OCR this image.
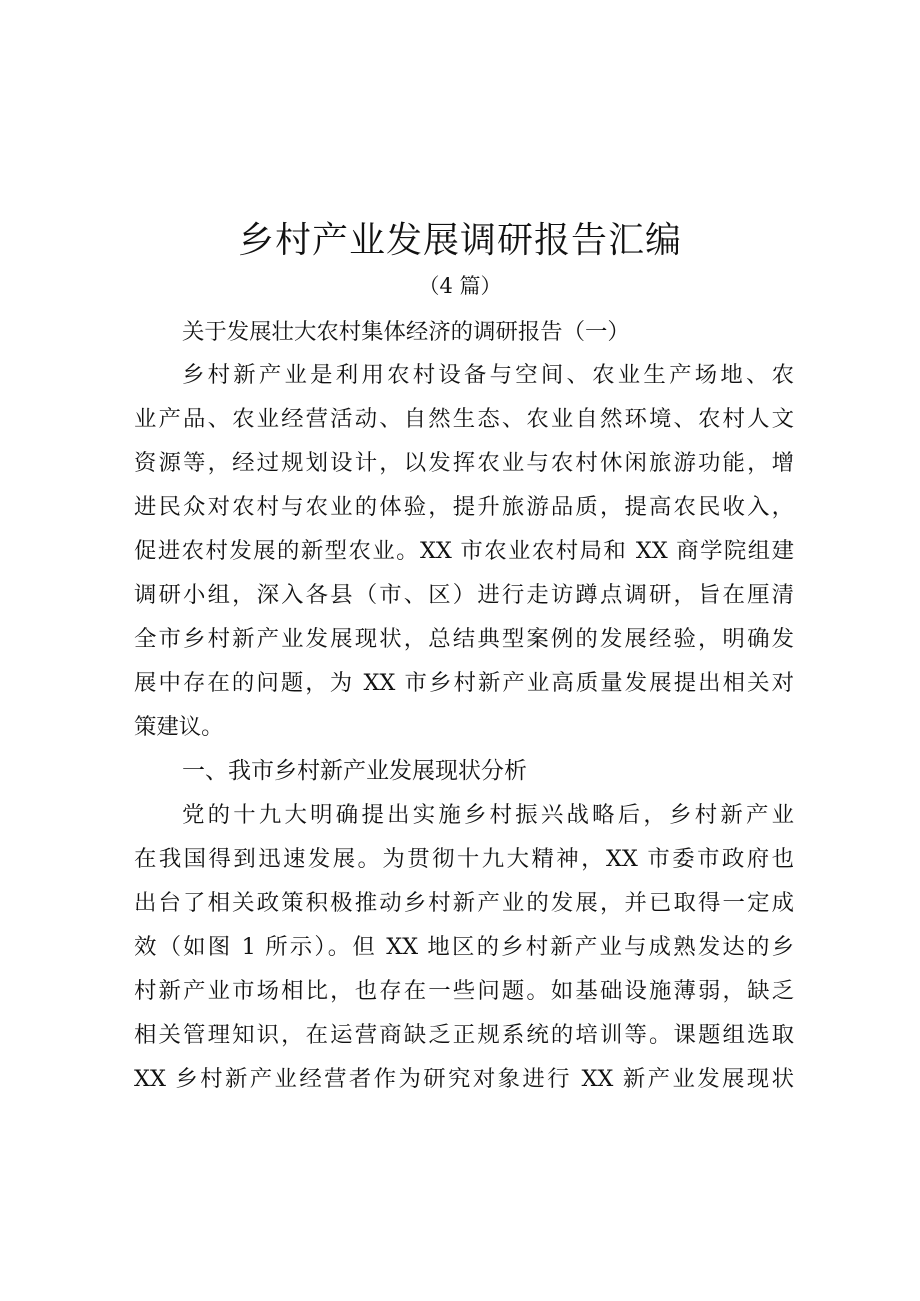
乡村产业发展调研报告汇编
（4 篇）
关于发展壮大农村集体经济的调研报告（一）
乡村新产业是利用农村设备与空间、农业生产场地、农
业产品、农业经营活动、自然生态、农业自然环境、农村人文
资源等，经过规划设计，以发挥农业与农村休闲旅游功能，增
进民众对农村与农业的体验，提升旅游品质，提高农民收入，
促进农村发展的新型农业。XX 市农业农村局和 XX 商学院组建
调研小组，深入各县（市、区）进行走访蹲点调研，旨在厘清
全市乡村新产业发展现状，总结典型案例的发展经验，明确发
展中存在的问题，为 XX 市乡村新产业高质量发展提出相关对
策建议。
一、我市乡村新产业发展现状分析
党的十九大明确提出实施乡村振兴战略后，乡村新产业
在我国得到迅速发展。为贯彻十九大精神，XX 市委市政府也
出台了相关政策积极推动乡村新产业的发展，并已取得一定成
效（如图 1 所示）。但 XX 地区的乡村新产业与成熟发达的乡
村新产业市场相比，也存在一些问题。如基础设施薄弱，缺乏
相关管理知识，在运营商缺乏正规系统的培训等。课题组选取
XX 乡村新产业经营者作为研究对象进行 XX 新产业发展现状
